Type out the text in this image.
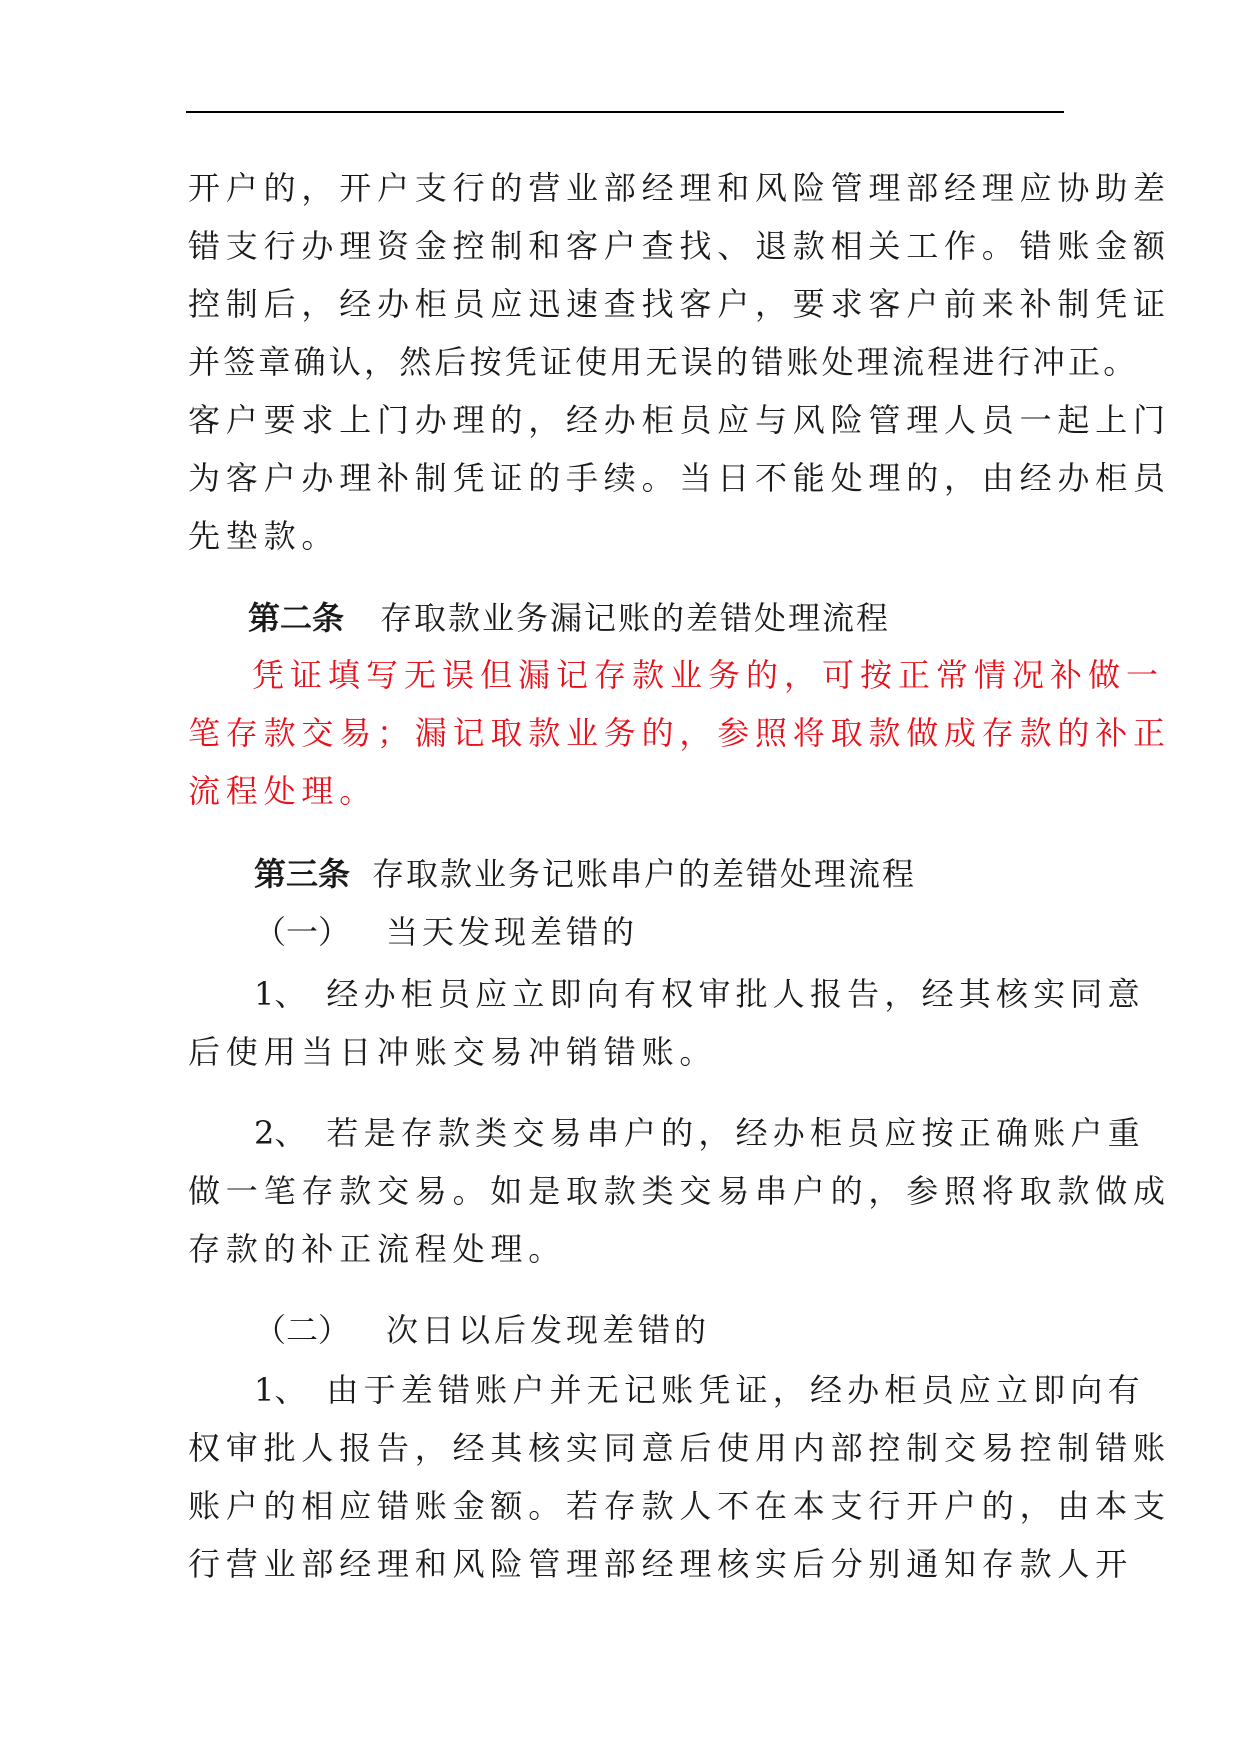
开户的，开户支行的营业部经理和风险管理部经理应协助差
错支行办理资金控制和客户查找、退款相关工作。错账金额
控制后，经办柜员应迅速查找客户，要求客户前来补制凭证
并签章确认，然后按凭证使用无误的错账处理流程进行冲正。
客户要求上门办理的，经办柜员应与风险管理人员一起上门
为客户办理补制凭证的手续。当日不能处理的，由经办柜员
先垫款。
第二条 存取款业务漏记账的差错处理流程
凭证填写无误但漏记存款业务的，可按正常情况补做一
笔存款交易；漏记取款业务的，参照将取款做成存款的补正
流程处理。
第三条 存取款业务记账串户的差错处理流程
（一） 当天发现差错的
1、 经办柜员应立即向有权审批人报告，经其核实同意
后使用当日冲账交易冲销错账。
2、 若是存款类交易串户的，经办柜员应按正确账户重
做一笔存款交易。如是取款类交易串户的，参照将取款做成
存款的补正流程处理。
（二） 次日以后发现差错的
1、 由于差错账户并无记账凭证，经办柜员应立即向有
权审批人报告，经其核实同意后使用内部控制交易控制错账
账户的相应错账金额。若存款人不在本支行开户的，由本支
行营业部经理和风险管理部经理核实后分别通知存款人开
